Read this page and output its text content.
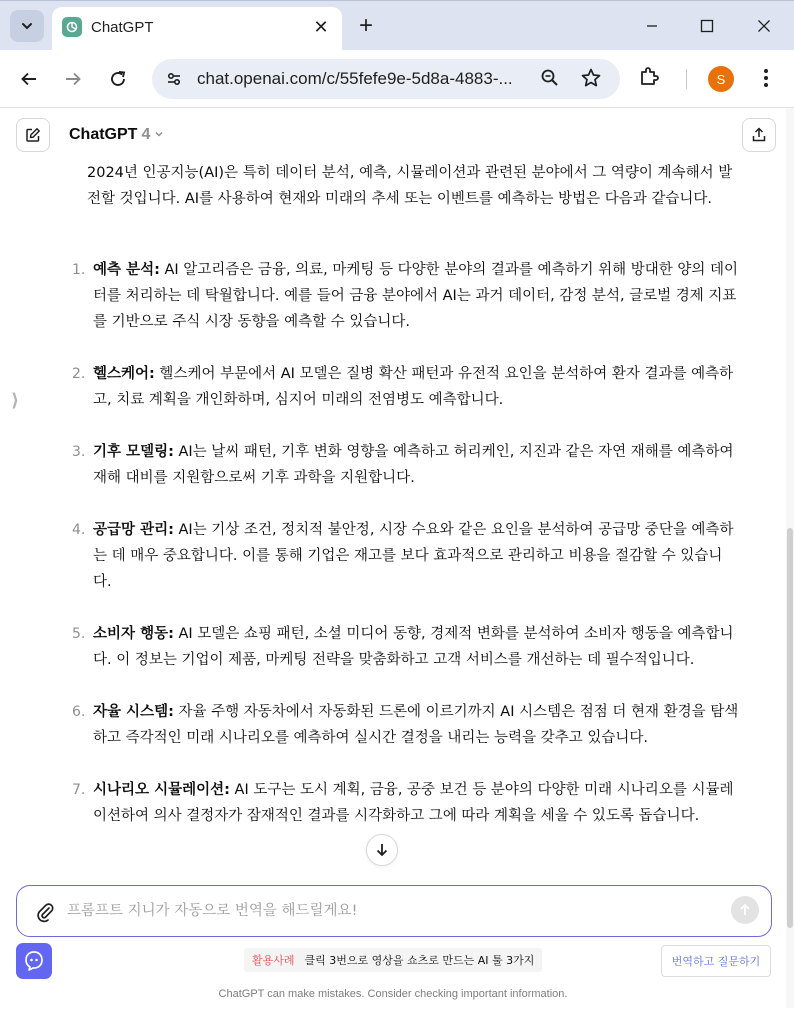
ChatGPT	✕ +
chat.openai.com/c/55fefe9e-5d8a-4883-...	S
ChatGPT 4

2024년 인공지능(AI)은 특히 데이터 분석, 예측, 시뮬레이션과 관련된 분야에서 그 역량이 계속해서 발전할 것입니다. AI를 사용하여 현재와 미래의 추세 또는 이벤트를 예측하는 방법은 다음과 같습니다.

1. 예측 분석: AI 알고리즘은 금융, 의료, 마케팅 등 다양한 분야의 결과를 예측하기 위해 방대한 양의 데이터를 처리하는 데 탁월합니다. 예를 들어 금융 분야에서 AI는 과거 데이터, 감정 분석, 글로벌 경제 지표를 기반으로 주식 시장 동향을 예측할 수 있습니다.
2. 헬스케어: 헬스케어 부문에서 AI 모델은 질병 확산 패턴과 유전적 요인을 분석하여 환자 결과를 예측하고, 치료 계획을 개인화하며, 심지어 미래의 전염병도 예측합니다.
3. 기후 모델링: AI는 날씨 패턴, 기후 변화 영향을 예측하고 허리케인, 지진과 같은 자연 재해를 예측하여 재해 대비를 지원함으로써 기후 과학을 지원합니다.
4. 공급망 관리: AI는 기상 조건, 정치적 불안정, 시장 수요와 같은 요인을 분석하여 공급망 중단을 예측하는 데 매우 중요합니다. 이를 통해 기업은 재고를 보다 효과적으로 관리하고 비용을 절감할 수 있습니다.
5. 소비자 행동: AI 모델은 쇼핑 패턴, 소셜 미디어 동향, 경제적 변화를 분석하여 소비자 행동을 예측합니다. 이 정보는 기업이 제품, 마케팅 전략을 맞춤화하고 고객 서비스를 개선하는 데 필수적입니다.
6. 자율 시스템: 자율 주행 자동차에서 자동화된 드론에 이르기까지 AI 시스템은 점점 더 현재 환경을 탐색하고 즉각적인 미래 시나리오를 예측하여 실시간 결정을 내리는 능력을 갖추고 있습니다.
7. 시나리오 시뮬레이션: AI 도구는 도시 계획, 금융, 공중 보건 등 분야의 다양한 미래 시나리오를 시뮬레이션하여 의사 결정자가 잠재적인 결과를 시각화하고 그에 따라 계획을 세울 수 있도록 돕습니다.
⟩
프롬프트 지니가 자동으로 번역을 해드릴게요!
활용사례 클릭 3번으로 영상을 쇼츠로 만드는 AI 툴 3가지	번역하고 질문하기
ChatGPT can make mistakes. Consider checking important information.
